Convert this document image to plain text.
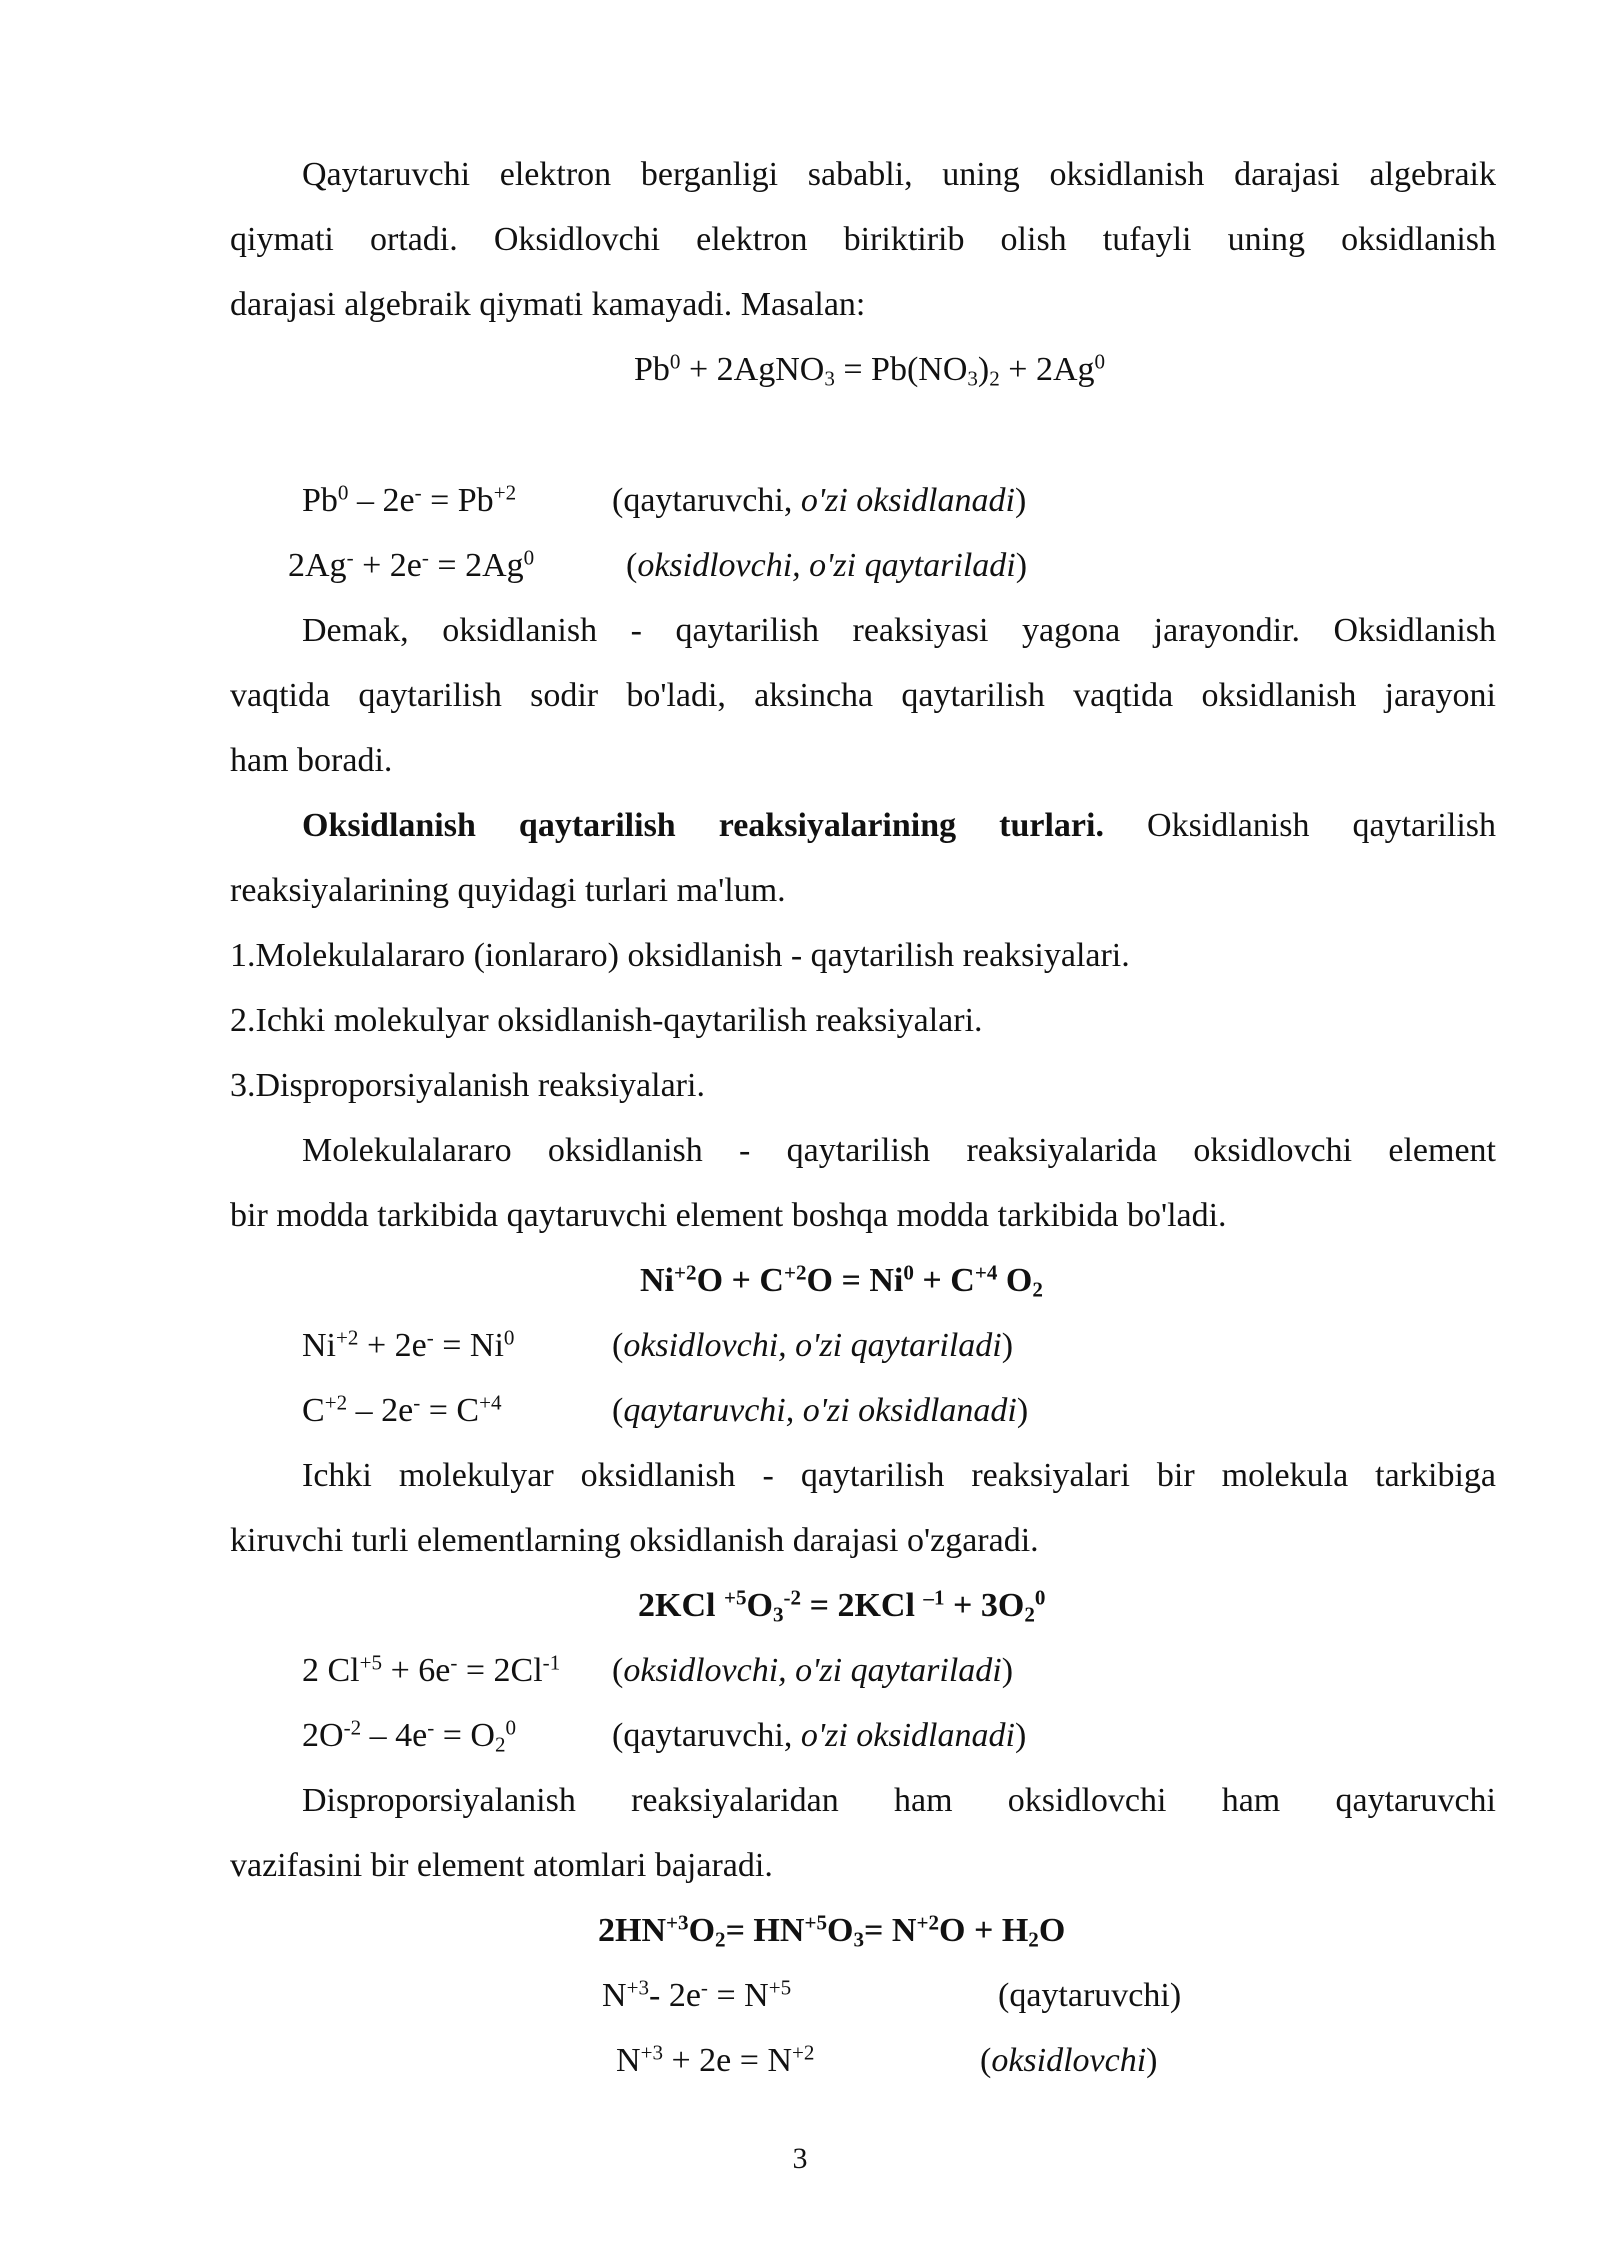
Qaytaruvchi elektron berganligi sababli, uning oksidlanish darajasi algebraik
qiymati ortadi. Oksidlovchi elektron biriktirib olish tufayli uning oksidlanish
darajasi algebraik qiymati kamayadi. Masalan:
$Pb^0$ + 2AgNO$_3$ = $Pb(NO_3)_2 + 2Ag^0$
$Pb^0 - 2e^- = Pb^{+2}$	(qaytaruvchi, o'zi oksidlanadi)
$2Ag^- + 2e^- = 2Ag^0$	(oksidlovchi, o'zi qaytariladi)
Demak, oksidlanish - qaytarilish reaksiyasi yagona jarayondir. Oksidlanish
vaqtida qaytarilish sodir bo'ladi, aksincha qaytarilish vaqtida oksidlanish jarayoni
ham boradi.
Oksidlanish qaytarilish reaksiyalarining turlari. Oksidlanish qaytarilish
reaksiyalarining quyidagi turlari ma'lum.
1.Molekulalararo (ionlararo) oksidlanish - qaytarilish reaksiyalari.
2.Ichki molekulyar oksidlanish-qaytarilish reaksiyalari.
3.Disproporsiyalanish reaksiyalari.
Molekulalararo oksidlanish - qaytarilish reaksiyalarida oksidlovchi element
bir modda tarkibida qaytaruvchi element boshqa modda tarkibida bo'ladi.
$Ni^{+2}O + C^{+2}O = Ni^0 + C^{+4}$ $O_2$
$Ni^{+2} + 2e^- = Ni^0$	(oksidlovchi, o'zi qaytariladi)
$C^{+2} - 2e^- = C^{+4}$	(qaytaruvchi, o'zi oksidlanadi)
Ichki molekulyar oksidlanish - qaytarilish reaksiyalari bir molekula tarkibiga
kiruvchi turli elementlarning oksidlanish darajasi o'zgaradi.
2KCl $^{+5}O_3^{-2} = 2KCl$ $^{-1} + 3O_2^0$
2 $Cl^{+5} + 6e^- = 2Cl^{-1}$ (oksidlovchi, o'zi qaytariladi)
$2O^{-2} - 4e^- = O_2^0$	(qaytaruvchi, o'zi oksidlanadi)
Disproporsiyalanish reaksiyalaridan ham oksidlovchi ham qaytaruvchi
vazifasini bir element atomlari bajaradi.
$2HN^{+3}O_2= HN^{+5}O_3= N^{+2}O + H_2O$
$N^{+3}-$ $2e^- = N^{+5}$	(qaytaruvchi)
$N^{+3} + 2e = N^{+2}$	(oksidlovchi)
3
